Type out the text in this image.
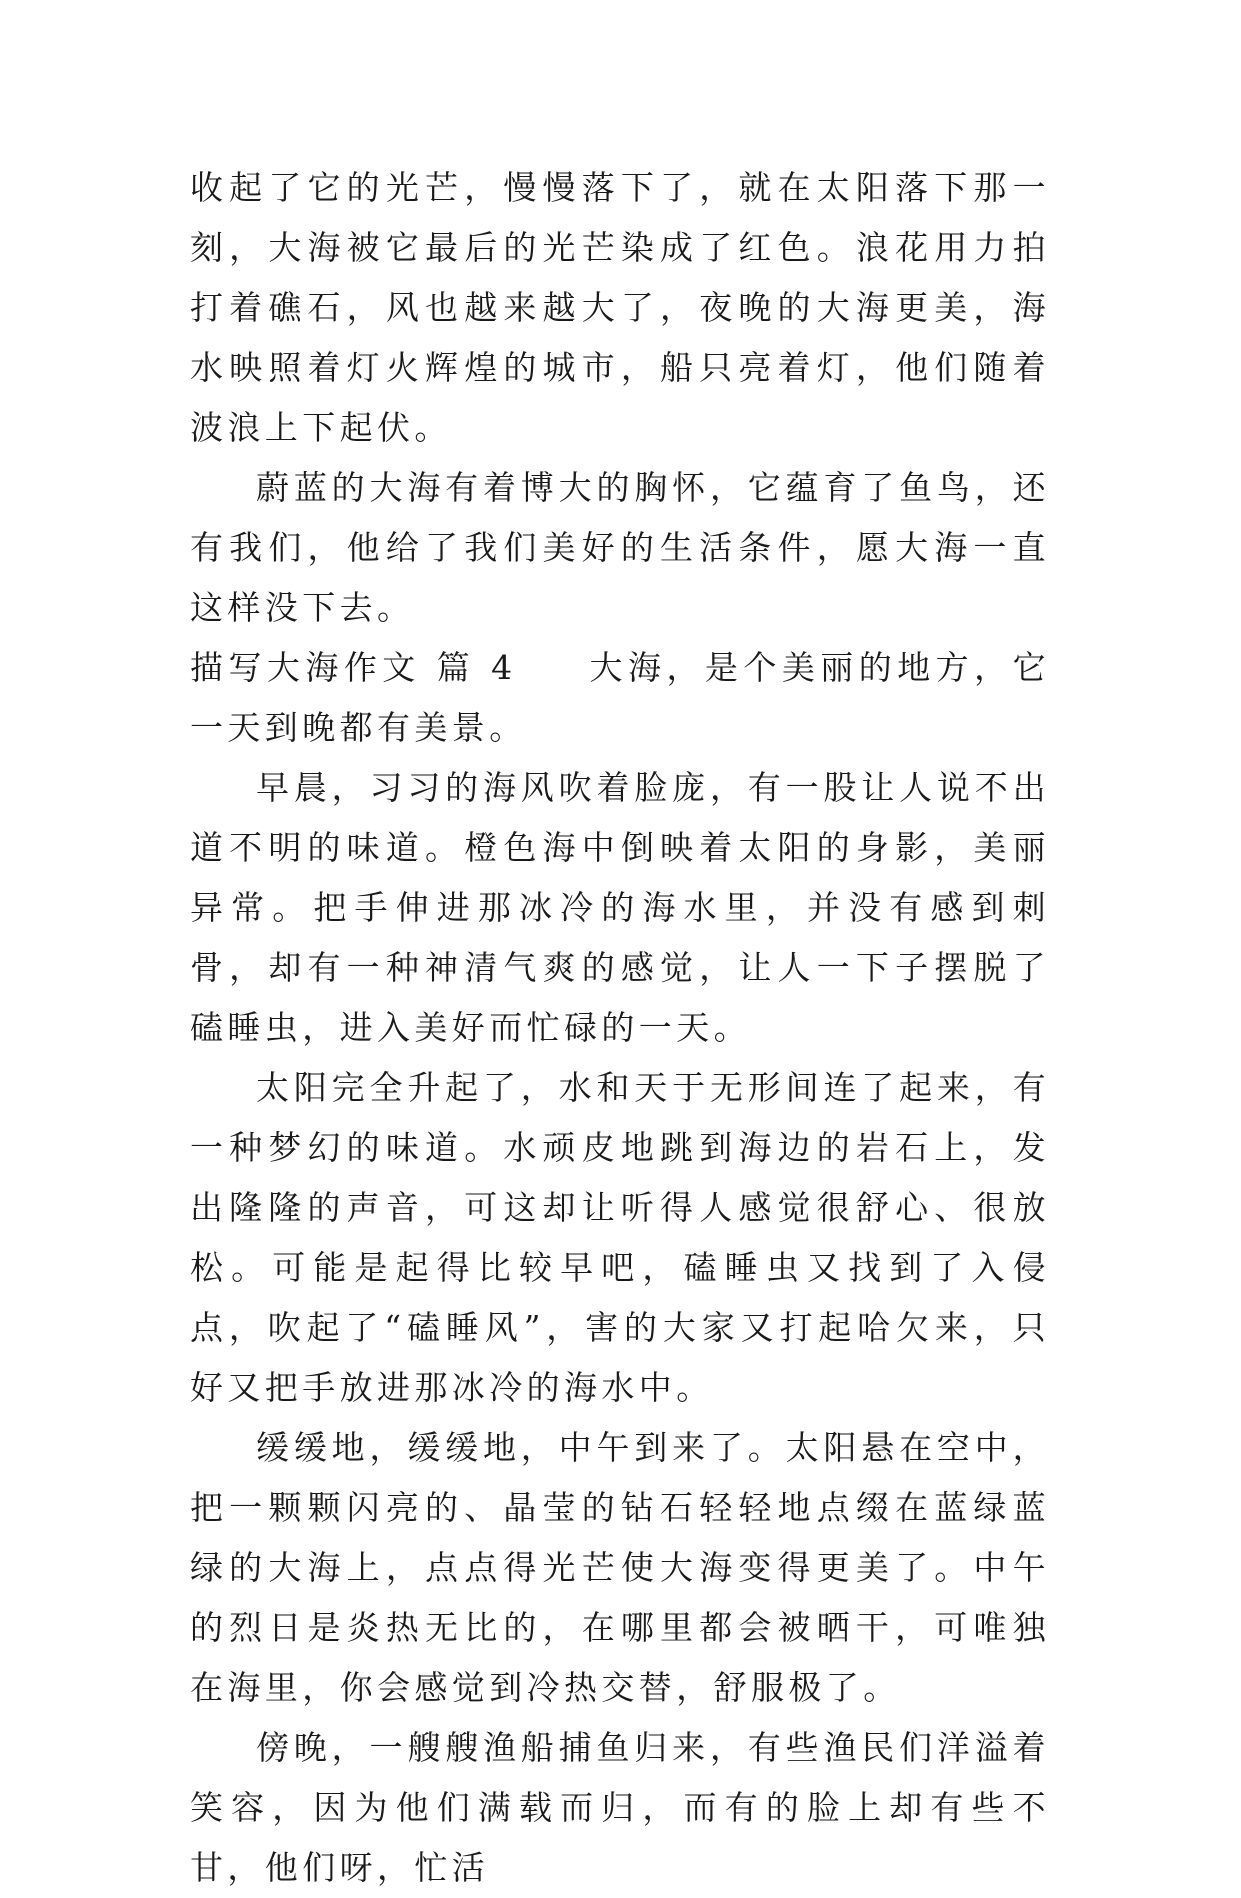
收起了它的光芒，慢慢落下了，就在太阳落下那一刻，大海被它最后的光芒染成了红色。浪花用力拍打着礁石，风也越来越大了，夜晚的大海更美，海水映照着灯火辉煌的城市，船只亮着灯，他们随着波浪上下起伏。

蔚蓝的大海有着博大的胸怀，它蕴育了鱼鸟，还有我们，他给了我们美好的生活条件，愿大海一直这样没下去。

描写大海作文 篇 4 大海，是个美丽的地方，它一天到晚都有美景。

早晨，习习的海风吹着脸庞，有一股让人说不出道不明的味道。橙色海中倒映着太阳的身影，美丽异常。把手伸进那冰冷的海水里，并没有感到刺骨，却有一种神清气爽的感觉，让人一下子摆脱了磕睡虫，进入美好而忙碌的一天。

太阳完全升起了，水和天于无形间连了起来，有一种梦幻的味道。水顽皮地跳到海边的岩石上，发出隆隆的声音，可这却让听得人感觉很舒心、很放松。可能是起得比较早吧，磕睡虫又找到了入侵点，吹起了“磕睡风”，害的大家又打起哈欠来，只好又把手放进那冰冷的海水中。

缓缓地，缓缓地，中午到来了。太阳悬在空中，把一颗颗闪亮的、晶莹的钻石轻轻地点缀在蓝绿蓝绿的大海上，点点得光芒使大海变得更美了。中午的烈日是炎热无比的，在哪里都会被晒干，可唯独在海里，你会感觉到冷热交替，舒服极了。

傍晚，一艘艘渔船捕鱼归来，有些渔民们洋溢着笑容，因为他们满载而归，而有的脸上却有些不甘，他们呀，忙活
